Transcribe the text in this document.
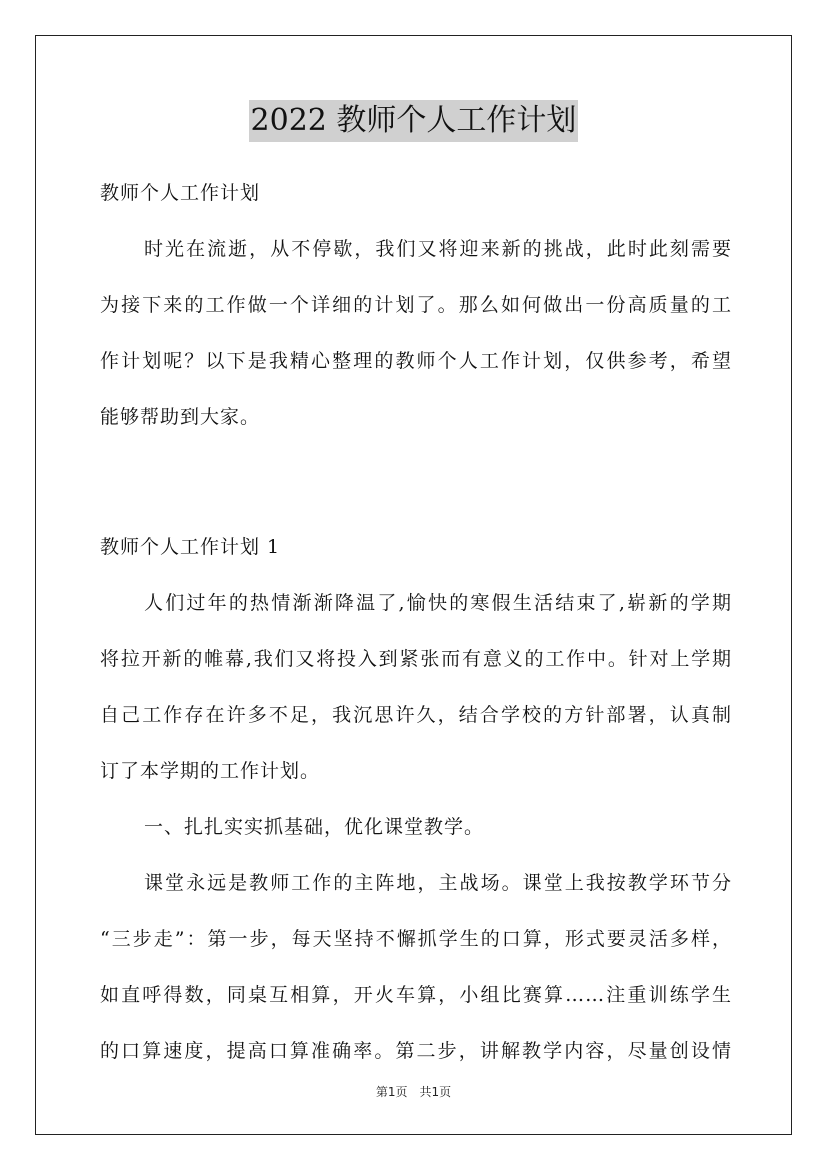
2022 教师个人工作计划

教师个人工作计划

时光在流逝，从不停歇，我们又将迎来新的挑战，此时此刻需要

为接下来的工作做一个详细的计划了。那么如何做出一份高质量的工

作计划呢？以下是我精心整理的教师个人工作计划，仅供参考，希望

能够帮助到大家。

教师个人工作计划 1

人们过年的热情渐渐降温了,愉快的寒假生活结束了,崭新的学期

将拉开新的帷幕,我们又将投入到紧张而有意义的工作中。针对上学期

自己工作存在许多不足，我沉思许久，结合学校的方针部署，认真制

订了本学期的工作计划。

一、扎扎实实抓基础，优化课堂教学。

课堂永远是教师工作的主阵地，主战场。课堂上我按教学环节分

“三步走”：第一步，每天坚持不懈抓学生的口算，形式要灵活多样，

如直呼得数，同桌互相算，开火车算，小组比赛算……注重训练学生

的口算速度，提高口算准确率。第二步，讲解教学内容，尽量创设情

第1页　共1页
